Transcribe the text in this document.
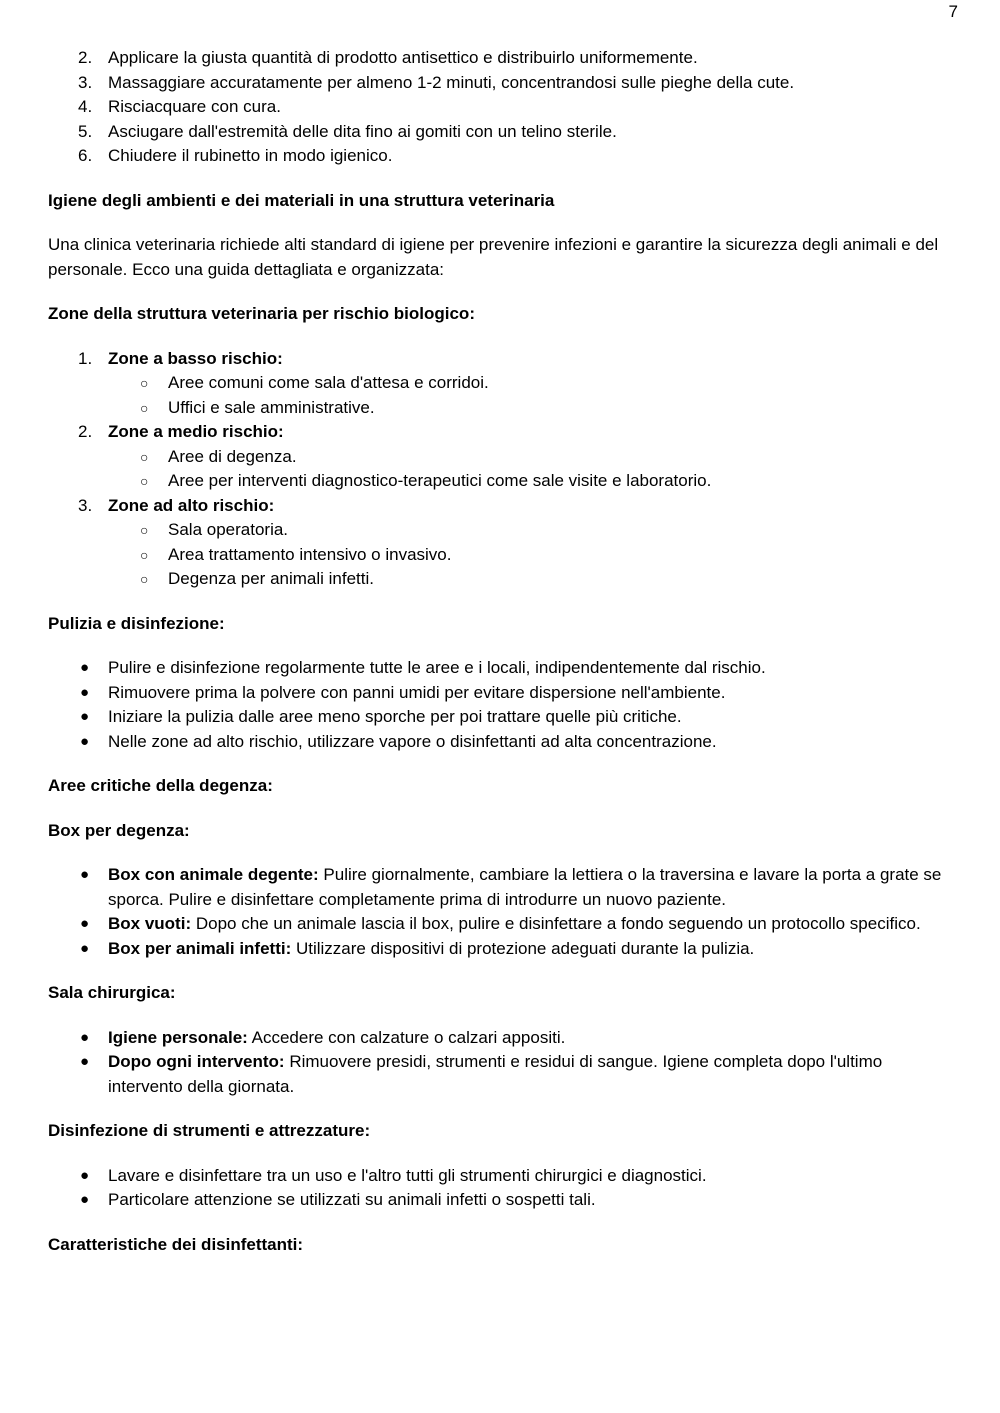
7
2. Applicare la giusta quantità di prodotto antisettico e distribuirlo uniformemente.
3. Massaggiare accuratamente per almeno 1-2 minuti, concentrandosi sulle pieghe della cute.
4. Risciacquare con cura.
5. Asciugare dall'estremità delle dita fino ai gomiti con un telino sterile.
6. Chiudere il rubinetto in modo igienico.

Igiene degli ambienti e dei materiali in una struttura veterinaria

Una clinica veterinaria richiede alti standard di igiene per prevenire infezioni e garantire la sicurezza degli animali e del personale. Ecco una guida dettagliata e organizzata:

Zone della struttura veterinaria per rischio biologico:

1. Zone a basso rischio:
○ Aree comuni come sala d'attesa e corridoi.
○ Uffici e sale amministrative.
2. Zone a medio rischio:
○ Aree di degenza.
○ Aree per interventi diagnostico-terapeutici come sale visite e laboratorio.
3. Zone ad alto rischio:
○ Sala operatoria.
○ Area trattamento intensivo o invasivo.
○ Degenza per animali infetti.

Pulizia e disinfezione:

● Pulire e disinfezione regolarmente tutte le aree e i locali, indipendentemente dal rischio.
● Rimuovere prima la polvere con panni umidi per evitare dispersione nell'ambiente.
● Iniziare la pulizia dalle aree meno sporche per poi trattare quelle più critiche.
● Nelle zone ad alto rischio, utilizzare vapore o disinfettanti ad alta concentrazione.

Aree critiche della degenza:

Box per degenza:

● Box con animale degente: Pulire giornalmente, cambiare la lettiera o la traversina e lavare la porta a grate se sporca. Pulire e disinfettare completamente prima di introdurre un nuovo paziente.
● Box vuoti: Dopo che un animale lascia il box, pulire e disinfettare a fondo seguendo un protocollo specifico.
● Box per animali infetti: Utilizzare dispositivi di protezione adeguati durante la pulizia.

Sala chirurgica:

● Igiene personale: Accedere con calzature o calzari appositi.
● Dopo ogni intervento: Rimuovere presidi, strumenti e residui di sangue. Igiene completa dopo l'ultimo intervento della giornata.

Disinfezione di strumenti e attrezzature:

● Lavare e disinfettare tra un uso e l'altro tutti gli strumenti chirurgici e diagnostici.
● Particolare attenzione se utilizzati su animali infetti o sospetti tali.

Caratteristiche dei disinfettanti:
